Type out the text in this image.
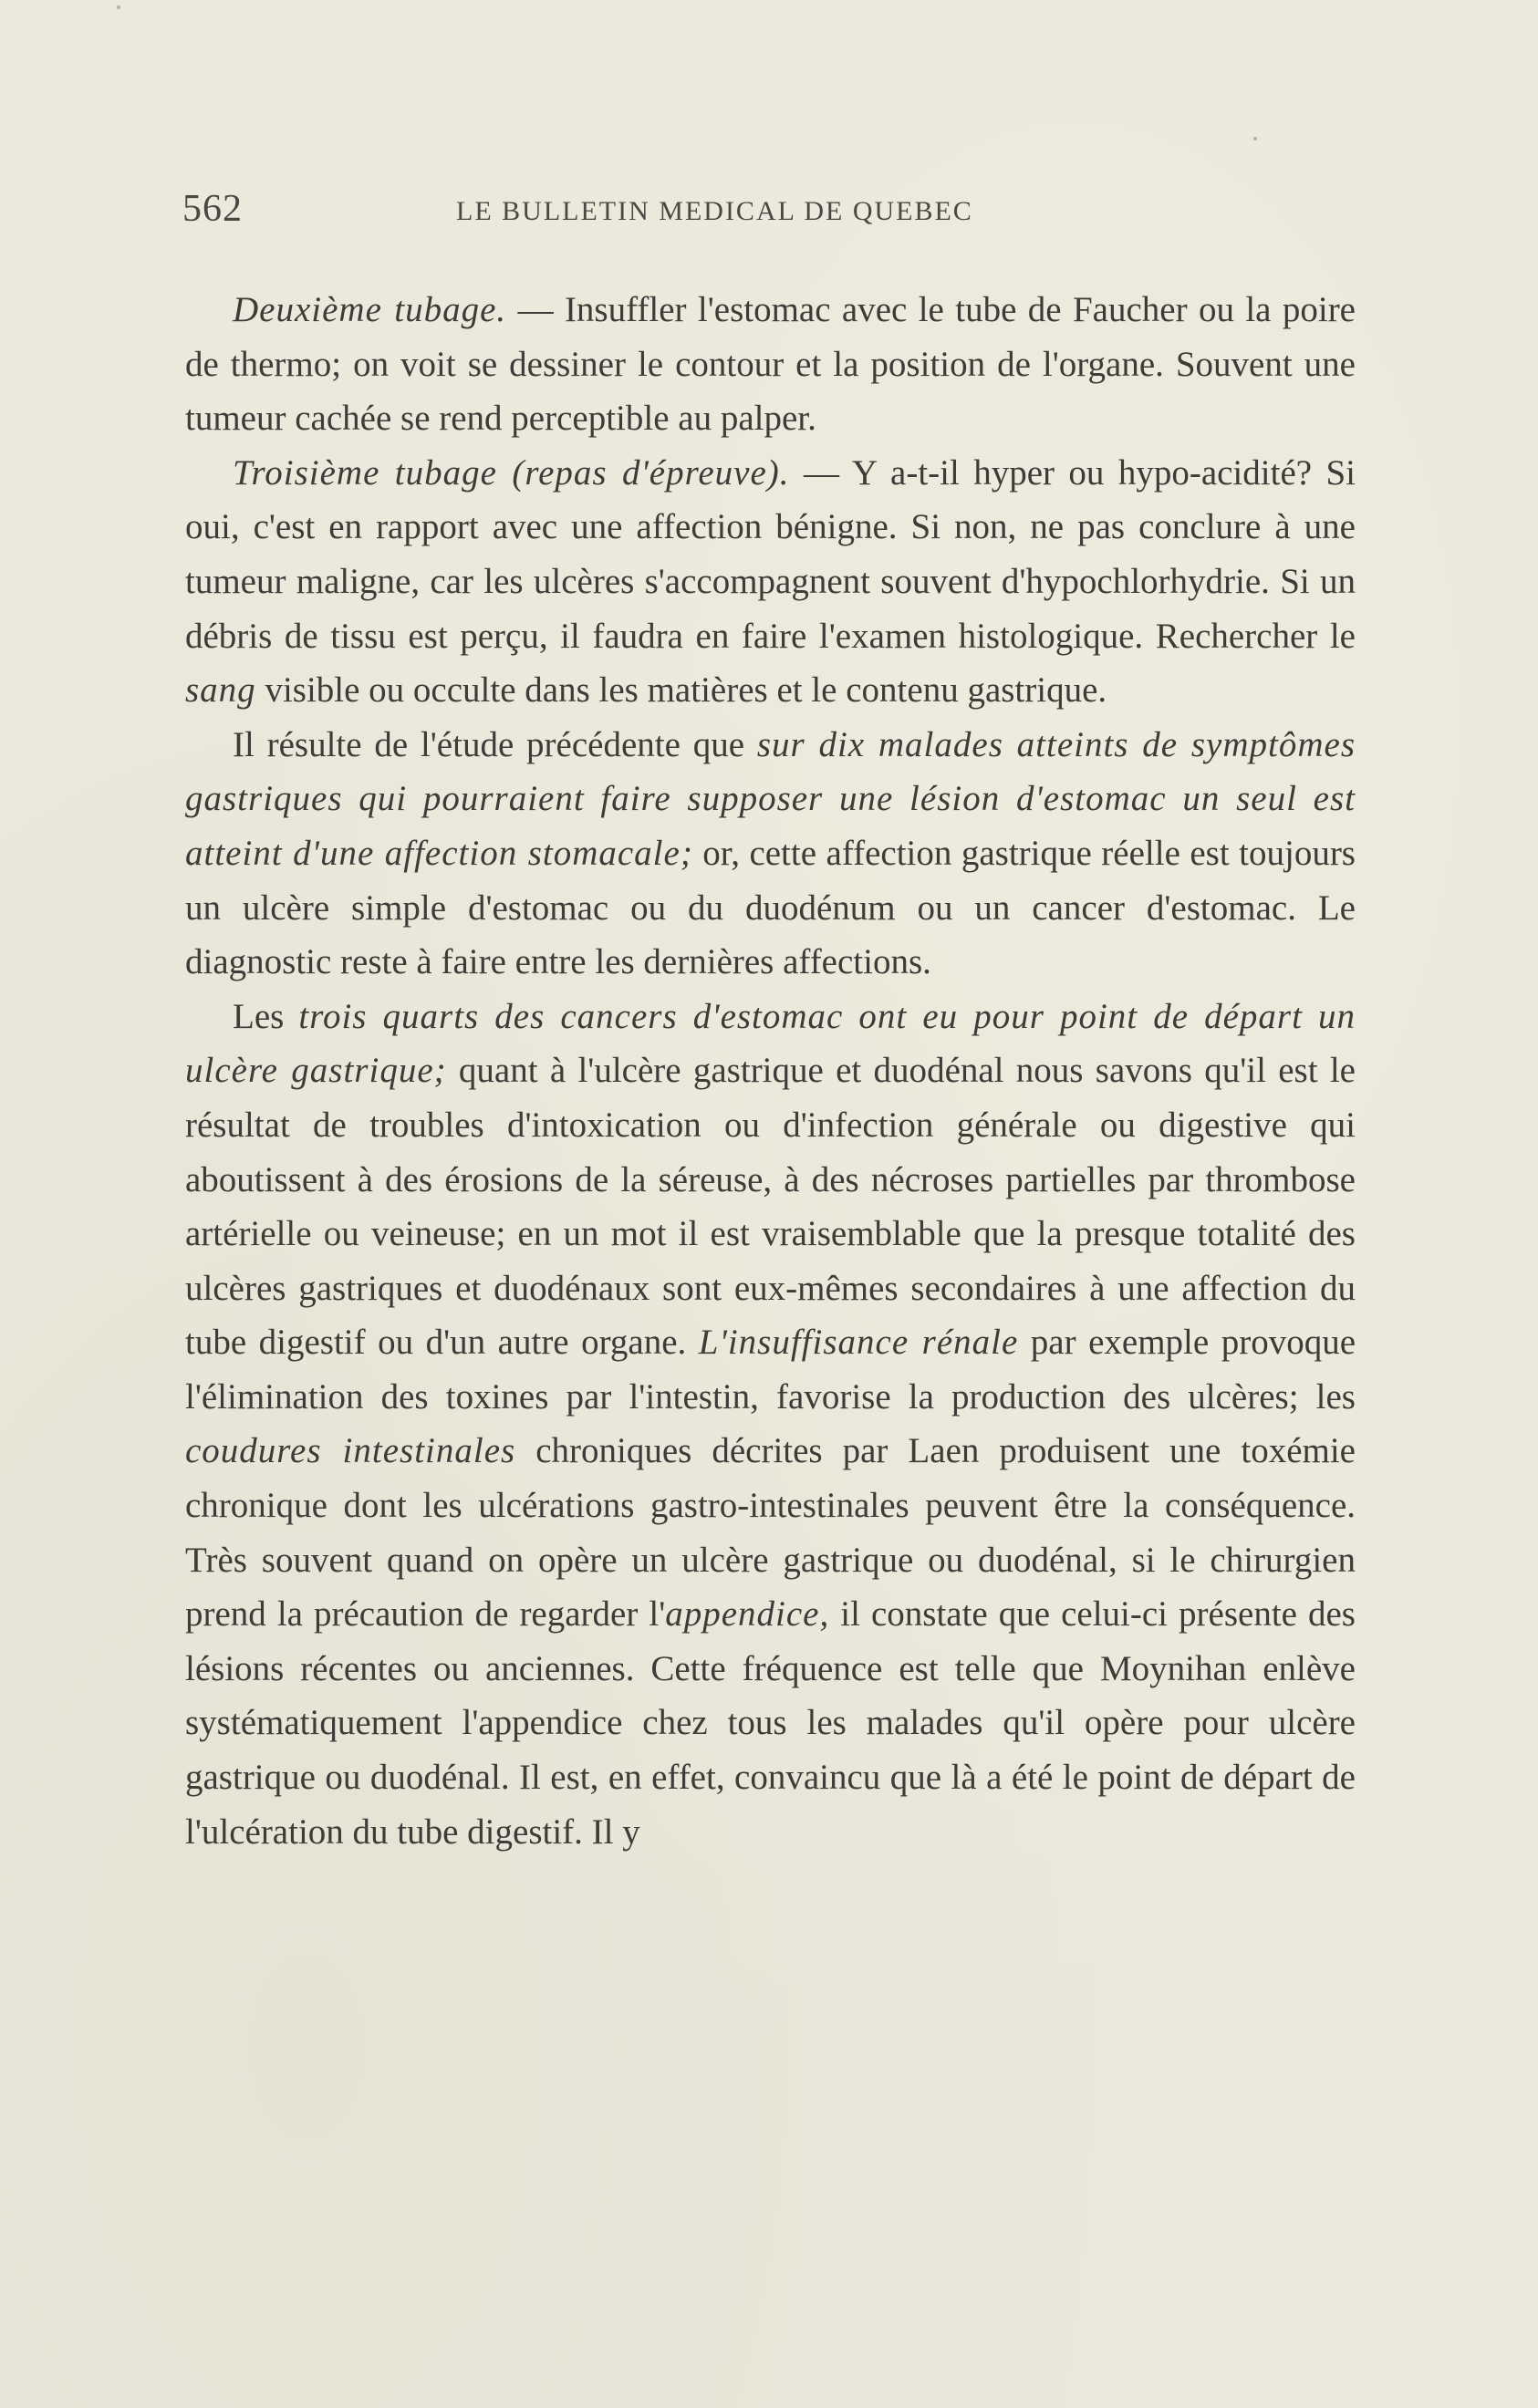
562	LE BULLETIN MEDICAL DE QUEBEC

Deuxième tubage. — Insuffler l'estomac avec le tube de Faucher ou la poire de thermo; on voit se dessiner le contour et la position de l'organe. Souvent une tumeur cachée se rend perceptible au palper.

Troisième tubage (repas d'épreuve). — Y a-t-il hyper ou hypo-acidité? Si oui, c'est en rapport avec une affection bénigne. Si non, ne pas conclure à une tumeur maligne, car les ulcères s'accompagnent souvent d'hypochlorhydrie. Si un débris de tissu est perçu, il faudra en faire l'examen histologique. Rechercher le sang visible ou occulte dans les matières et le contenu gastrique.

Il résulte de l'étude précédente que sur dix malades atteints de symptômes gastriques qui pourraient faire supposer une lésion d'estomac un seul est atteint d'une affection stomacale; or, cette affection gastrique réelle est toujours un ulcère simple d'estomac ou du duodénum ou un cancer d'estomac. Le diagnostic reste à faire entre les dernières affections.

Les trois quarts des cancers d'estomac ont eu pour point de départ un ulcère gastrique; quant à l'ulcère gastrique et duodénal nous savons qu'il est le résultat de troubles d'intoxication ou d'infection générale ou digestive qui aboutissent à des érosions de la séreuse, à des nécroses partielles par thrombose artérielle ou veineuse; en un mot il est vraisemblable que la presque totalité des ulcères gastriques et duodénaux sont eux-mêmes secondaires à une affection du tube digestif ou d'un autre organe. L'insuffisance rénale par exemple provoque l'élimination des toxines par l'intestin, favorise la production des ulcères; les coudures intestinales chroniques décrites par Laen produisent une toxémie chronique dont les ulcérations gastro-intestinales peuvent être la conséquence. Très souvent quand on opère un ulcère gastrique ou duodénal, si le chirurgien prend la précaution de regarder l'appendice, il constate que celui-ci présente des lésions récentes ou anciennes. Cette fréquence est telle que Moynihan enlève systématiquement l'appendice chez tous les malades qu'il opère pour ulcère gastrique ou duodénal. Il est, en effet, convaincu que là a été le point de départ de l'ulcération du tube digestif. Il y
